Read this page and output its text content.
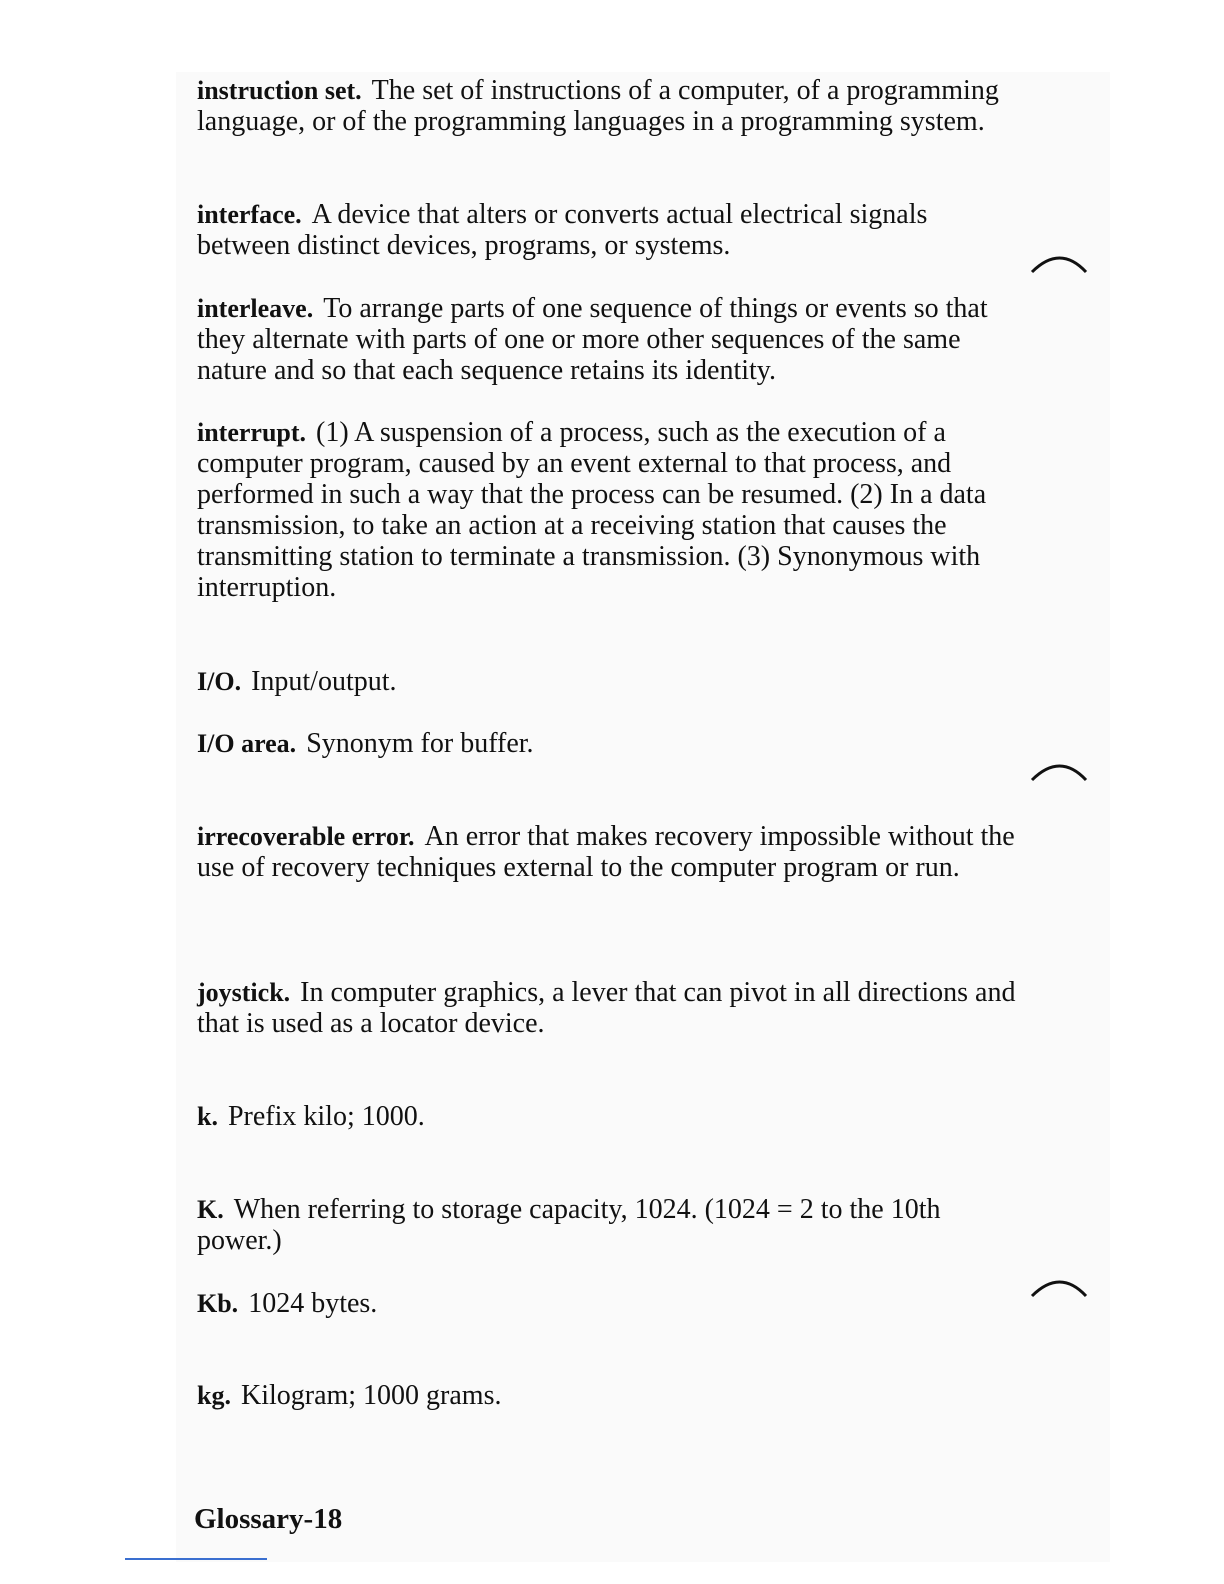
instruction set. The set of instructions of a computer, of a programming language, or of the programming languages in a programming system.

interface. A device that alters or converts actual electrical signals between distinct devices, programs, or systems.

interleave. To arrange parts of one sequence of things or events so that they alternate with parts of one or more other sequences of the same nature and so that each sequence retains its identity.

interrupt. (1) A suspension of a process, such as the execution of a computer program, caused by an event external to that process, and performed in such a way that the process can be resumed. (2) In a data transmission, to take an action at a receiving station that causes the transmitting station to terminate a transmission. (3) Synonymous with interruption.

I/O. Input/output.

I/O area. Synonym for buffer.

irrecoverable error. An error that makes recovery impossible without the use of recovery techniques external to the computer program or run.

joystick. In computer graphics, a lever that can pivot in all directions and that is used as a locator device.

k. Prefix kilo; 1000.

K. When referring to storage capacity, 1024. (1024 = 2 to the 10th power.)

Kb. 1024 bytes.

kg. Kilogram; 1000 grams.

Glossary-18
